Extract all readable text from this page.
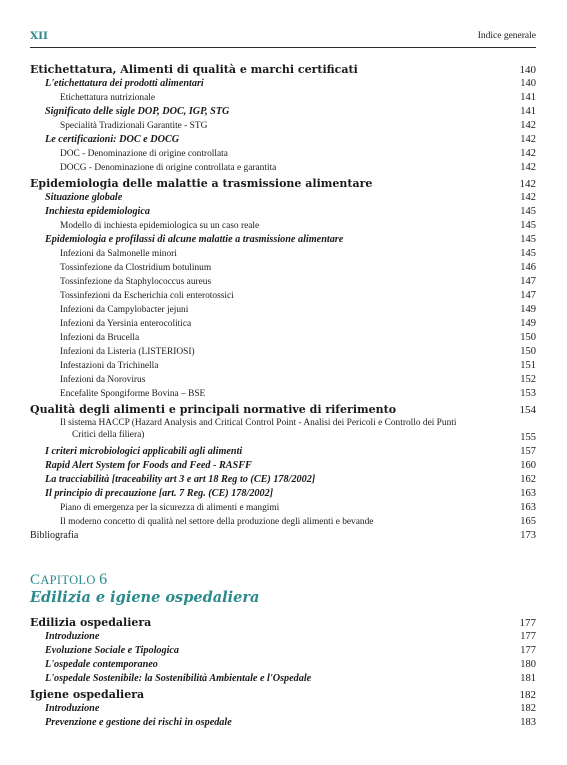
XII	Indice generale
Etichettatura, Alimenti di qualità e marchi certificati	140
L'etichettatura dei prodotti alimentari	140
Etichettatura nutrizionale	141
Significato delle sigle DOP, DOC, IGP, STG	141
Specialità Tradizionali Garantite - STG	142
Le certificazioni: DOC e DOCG	142
DOC - Denominazione di origine controllata	142
DOCG - Denominazione di origine controllata e garantita	142
Epidemiologia delle malattie a trasmissione alimentare	142
Situazione globale	142
Inchiesta epidemiologica	145
Modello di inchiesta epidemiologica su un caso reale	145
Epidemiologia e profilassi di alcune malattie a trasmissione alimentare	145
Infezioni da Salmonelle minori	145
Tossinfezione da Clostridium botulinum	146
Tossinfezione da Staphylococcus aureus	147
Tossinfezioni da Escherichia coli enterotossici	147
Infezioni da Campylobacter jejuni	149
Infezioni da Yersinia enterocolitica	149
Infezioni da Brucella	150
Infezioni da Listeria (LISTERIOSI)	150
Infestazioni da Trichinella	151
Infezioni da Norovirus	152
Encefalite Spongiforme Bovina – BSE	153
Qualità degli alimenti e principali normative di riferimento	154
Il sistema HACCP (Hazard Analysis and Critical Control Point - Analisi dei Pericoli e Controllo dei Punti Critici della filiera)	155
I criteri microbiologici applicabili agli alimenti	157
Rapid Alert System for Foods and Feed - RASFF	160
La tracciabilità [traceability art 3 e art 18 Reg to (CE) 178/2002]	162
Il principio di precauzione [art. 7 Reg. (CE) 178/2002]	163
Piano di emergenza per la sicurezza di alimenti e mangimi	163
Il moderno concetto di qualità nel settore della produzione degli alimenti e bevande	165
Bibliografia	173
CAPITOLO 6
Edilizia e igiene ospedaliera
Edilizia ospedaliera	177
Introduzione	177
Evoluzione Sociale e Tipologica	177
L'ospedale contemporaneo	180
L'ospedale Sostenibile: la Sostenibilità Ambientale e l'Ospedale	181
Igiene ospedaliera	182
Introduzione	182
Prevenzione e gestione dei rischi in ospedale	183
